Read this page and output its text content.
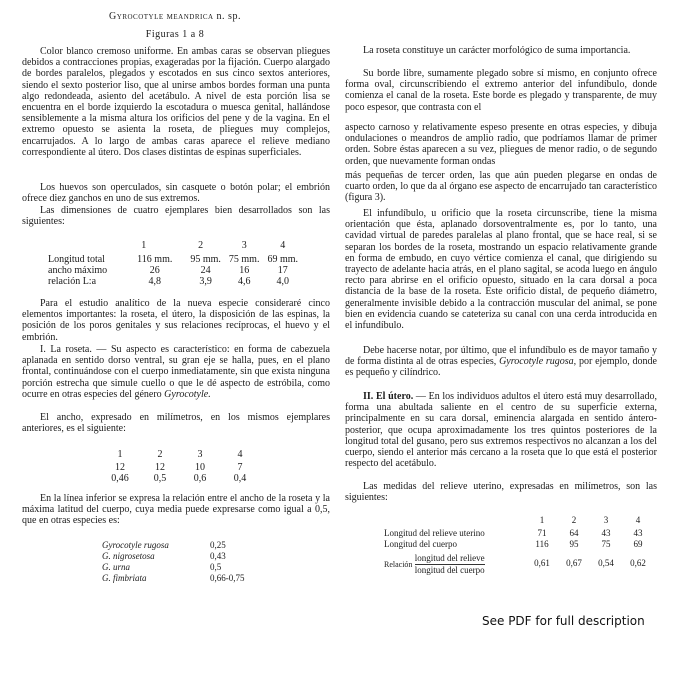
Gyrocotyle meandrica n. sp.
Figuras 1 a 8
Color blanco cremoso uniforme. En ambas caras se observan pliegues debidos a contracciones propias, exageradas por la fijación. Cuerpo alargado de bordes paralelos, plegados y escotados en sus cinco sextos anteriores, siendo el sexto posterior liso, que al unirse ambos bordes forman una punta algo redondeada, asiento del acetábulo. A nivel de esta porción lisa se encuentra en el borde izquierdo la escotadura o muesca genital, hallándose sensiblemente a la misma altura los orificios del pene y de la vagina. En el extremo opuesto se asienta la roseta, de pliegues muy complejos, encarrujados. A lo largo de ambas caras aparece el relieve mediano correspondiente al útero. Dos clases distintas de espinas superficiales.
Los huevos son operculados, sin casquete o botón polar; el embrión ofrece diez ganchos en uno de sus extremos.
Las dimensiones de cuatro ejemplares bien desarrollados son las siguientes:
	1	2	3	4
Longitud total	116 mm.	95 mm.	75 mm.	69 mm.
ancho máximo	26	24	16	17
relación L:a	4,8	3,9	4,6	4,0
Para el estudio analítico de la nueva especie consideraré cinco elementos importantes: la roseta, el útero, la disposición de las espinas, la posición de los poros genitales y sus relaciones recíprocas, el huevo y el embrión.
I. La roseta. — Su aspecto es característico: en forma de cabezuela aplanada en sentido dorso ventral, su gran eje se halla, pues, en el plano frontal, continuándose con el cuerpo inmediatamente, sin que exista ninguna porción estrecha que simule cuello o que le dé aspecto de estróbila, como ocurre en otras especies del género Gyrocotyle.
El ancho, expresado en milímetros, en los mismos ejemplares anteriores, es el siguiente:
1	2	3	4
12	12	10	7
0,46	0,5	0,6	0,4
En la línea inferior se expresa la relación entre el ancho de la roseta y la máxima latitud del cuerpo, cuya media puede expresarse como igual a 0,5, que en otras especies es:
Gyrocotyle rugosa	0,25
G. nigrosetosa	0,43
G. urna	0,5
G. fimbriata	0,66-0,75
La roseta constituye un carácter morfológico de suma importancia.
Su borde libre, sumamente plegado sobre sí mismo, en conjunto ofrece forma oval, circunscribiendo el extremo anterior del infundíbulo, donde comienza el canal de la roseta. Este borde es plegado y transparente, de muy poco espesor, que contrasta con el
aspecto carnoso y relativamente espeso presente en otras especies, y dibuja ondulaciones o meandros de amplio radio, que podríamos llamar de primer orden. Sobre éstas aparecen a su vez, pliegues de menor radio, o de segundo orden, que nuevamente forman ondas
más pequeñas de tercer orden, las que aún pueden plegarse en ondas de cuarto orden, lo que da al órgano ese aspecto de encarrujado tan característico (figura 3).
El infundíbulo, u orificio que la roseta circunscribe, tiene la misma orientación que ésta, aplanado dorsoventralmente es, por lo tanto, una cavidad virtual de paredes paralelas al plano frontal, que se hace real, si se separan los bordes de la roseta, mostrando un espacio relativamente grande en forma de embudo, en cuyo vértice comienza el canal, que dirigiendo su trayecto de adelante hacia atrás, en el plano sagital, se acoda luego en ángulo recto para abrirse en el orificio opuesto, situado en la cara dorsal a poca distancia de la base de la roseta. Este orificio distal, de pequeño diámetro, generalmente invisible debido a la contracción muscular del animal, se pone bien en evidencia cuando se cateteriza su canal con una cerda introducida en el infundíbulo.
Debe hacerse notar, por último, que el infundíbulo es de mayor tamaño y de forma distinta al de otras especies, Gyrocotyle rugosa, por ejemplo, donde es pequeño y cilíndrico.
II. El útero. — En los individuos adultos el útero está muy desarrollado, forma una abultada saliente en el centro de su superficie externa, principalmente en su cara dorsal, eminencia alargada en sentido ántero-posterior, que ocupa aproximadamente los tres quintos posteriores de la longitud total del gusano, pero sus extremos respectivos no alcanzan a los del cuerpo, siendo el anterior más cercano a la roseta que lo que está el posterior respecto del acetábulo.
Las medidas del relieve uterino, expresadas en milímetros, son las siguientes:
	1	2	3	4
Longitud del relieve uterino	71	64	43	43
Longitud del cuerpo	116	95	75	69
Relación $\frac{\text{longitud del relieve}}{\text{longitud del cuerpo}}$	0,61	0,67	0,54	0,62
See PDF for full description
